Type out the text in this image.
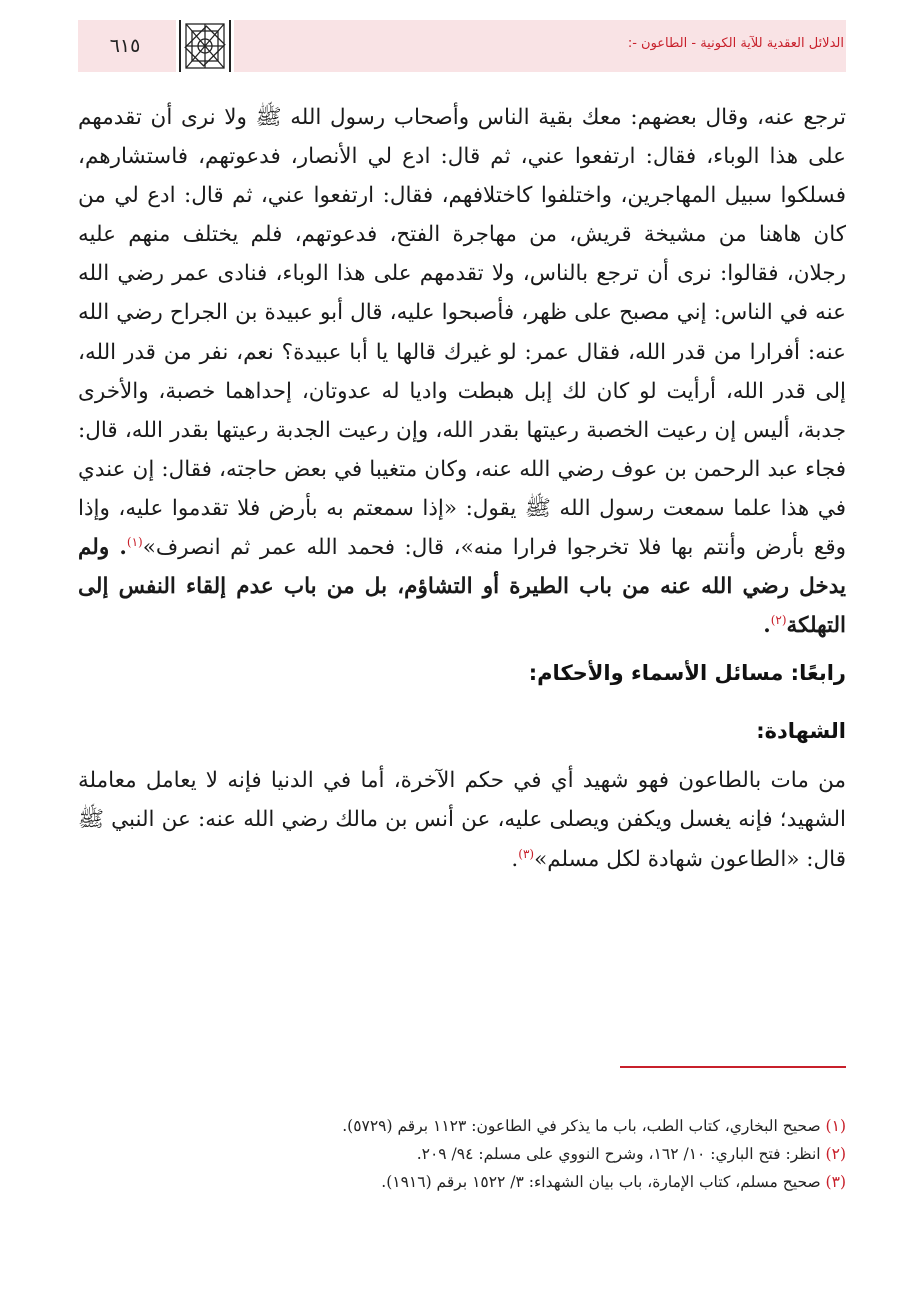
الدلائل العقدية للآية الكونية - الطاعون -:
٦١٥

ترجع عنه، وقال بعضهم: معك بقية الناس وأصحاب رسول الله ﷺ ولا نرى أن تقدمهم على هذا الوباء، فقال: ارتفعوا عني، ثم قال: ادع لي الأنصار، فدعوتهم، فاستشارهم، فسلكوا سبيل المهاجرين، واختلفوا كاختلافهم، فقال: ارتفعوا عني، ثم قال: ادع لي من كان هاهنا من مشيخة قريش، من مهاجرة الفتح، فدعوتهم، فلم يختلف منهم عليه رجلان، فقالوا: نرى أن ترجع بالناس، ولا تقدمهم على هذا الوباء، فنادى عمر رضي الله عنه في الناس: إني مصبح على ظهر، فأصبحوا عليه، قال أبو عبيدة بن الجراح رضي الله عنه: أفرارا من قدر الله، فقال عمر: لو غيرك قالها يا أبا عبيدة؟ نعم، نفر من قدر الله، إلى قدر الله، أرأيت لو كان لك إبل هبطت واديا له عدوتان، إحداهما خصبة، والأخرى جدبة، أليس إن رعيت الخصبة رعيتها بقدر الله، وإن رعيت الجدبة رعيتها بقدر الله، قال: فجاء عبد الرحمن بن عوف رضي الله عنه، وكان متغيبا في بعض حاجته، فقال: إن عندي في هذا علما سمعت رسول الله ﷺ يقول: «إذا سمعتم به بأرض فلا تقدموا عليه، وإذا وقع بأرض وأنتم بها فلا تخرجوا فرارا منه»، قال: فحمد الله عمر ثم انصرف»$^{(١)}$. ولم يدخل رضي الله عنه من باب الطيرة أو التشاؤم، بل من باب عدم إلقاء النفس إلى التهلكة$^{(٢)}$.

رابعًا: مسائل الأسماء والأحكام:
الشهادة:

من مات بالطاعون فهو شهيد أي في حكم الآخرة، أما في الدنيا فإنه لا يعامل معاملة الشهيد؛ فإنه يغسل ويكفن ويصلى عليه، عن أنس بن مالك رضي الله عنه: عن النبي ﷺ قال: «الطاعون شهادة لكل مسلم»$^{(٣)}$.

(١) صحيح البخاري، كتاب الطب، باب ما يذكر في الطاعون: ١١٢٣ برقم (٥٧٢٩).
(٢) انظر: فتح الباري: ١٠/ ١٦٢، وشرح النووي على مسلم: ٩٤/ ٢٠٩.
(٣) صحيح مسلم، كتاب الإمارة، باب بيان الشهداء: ٣/ ١٥٢٢ برقم (١٩١٦).
